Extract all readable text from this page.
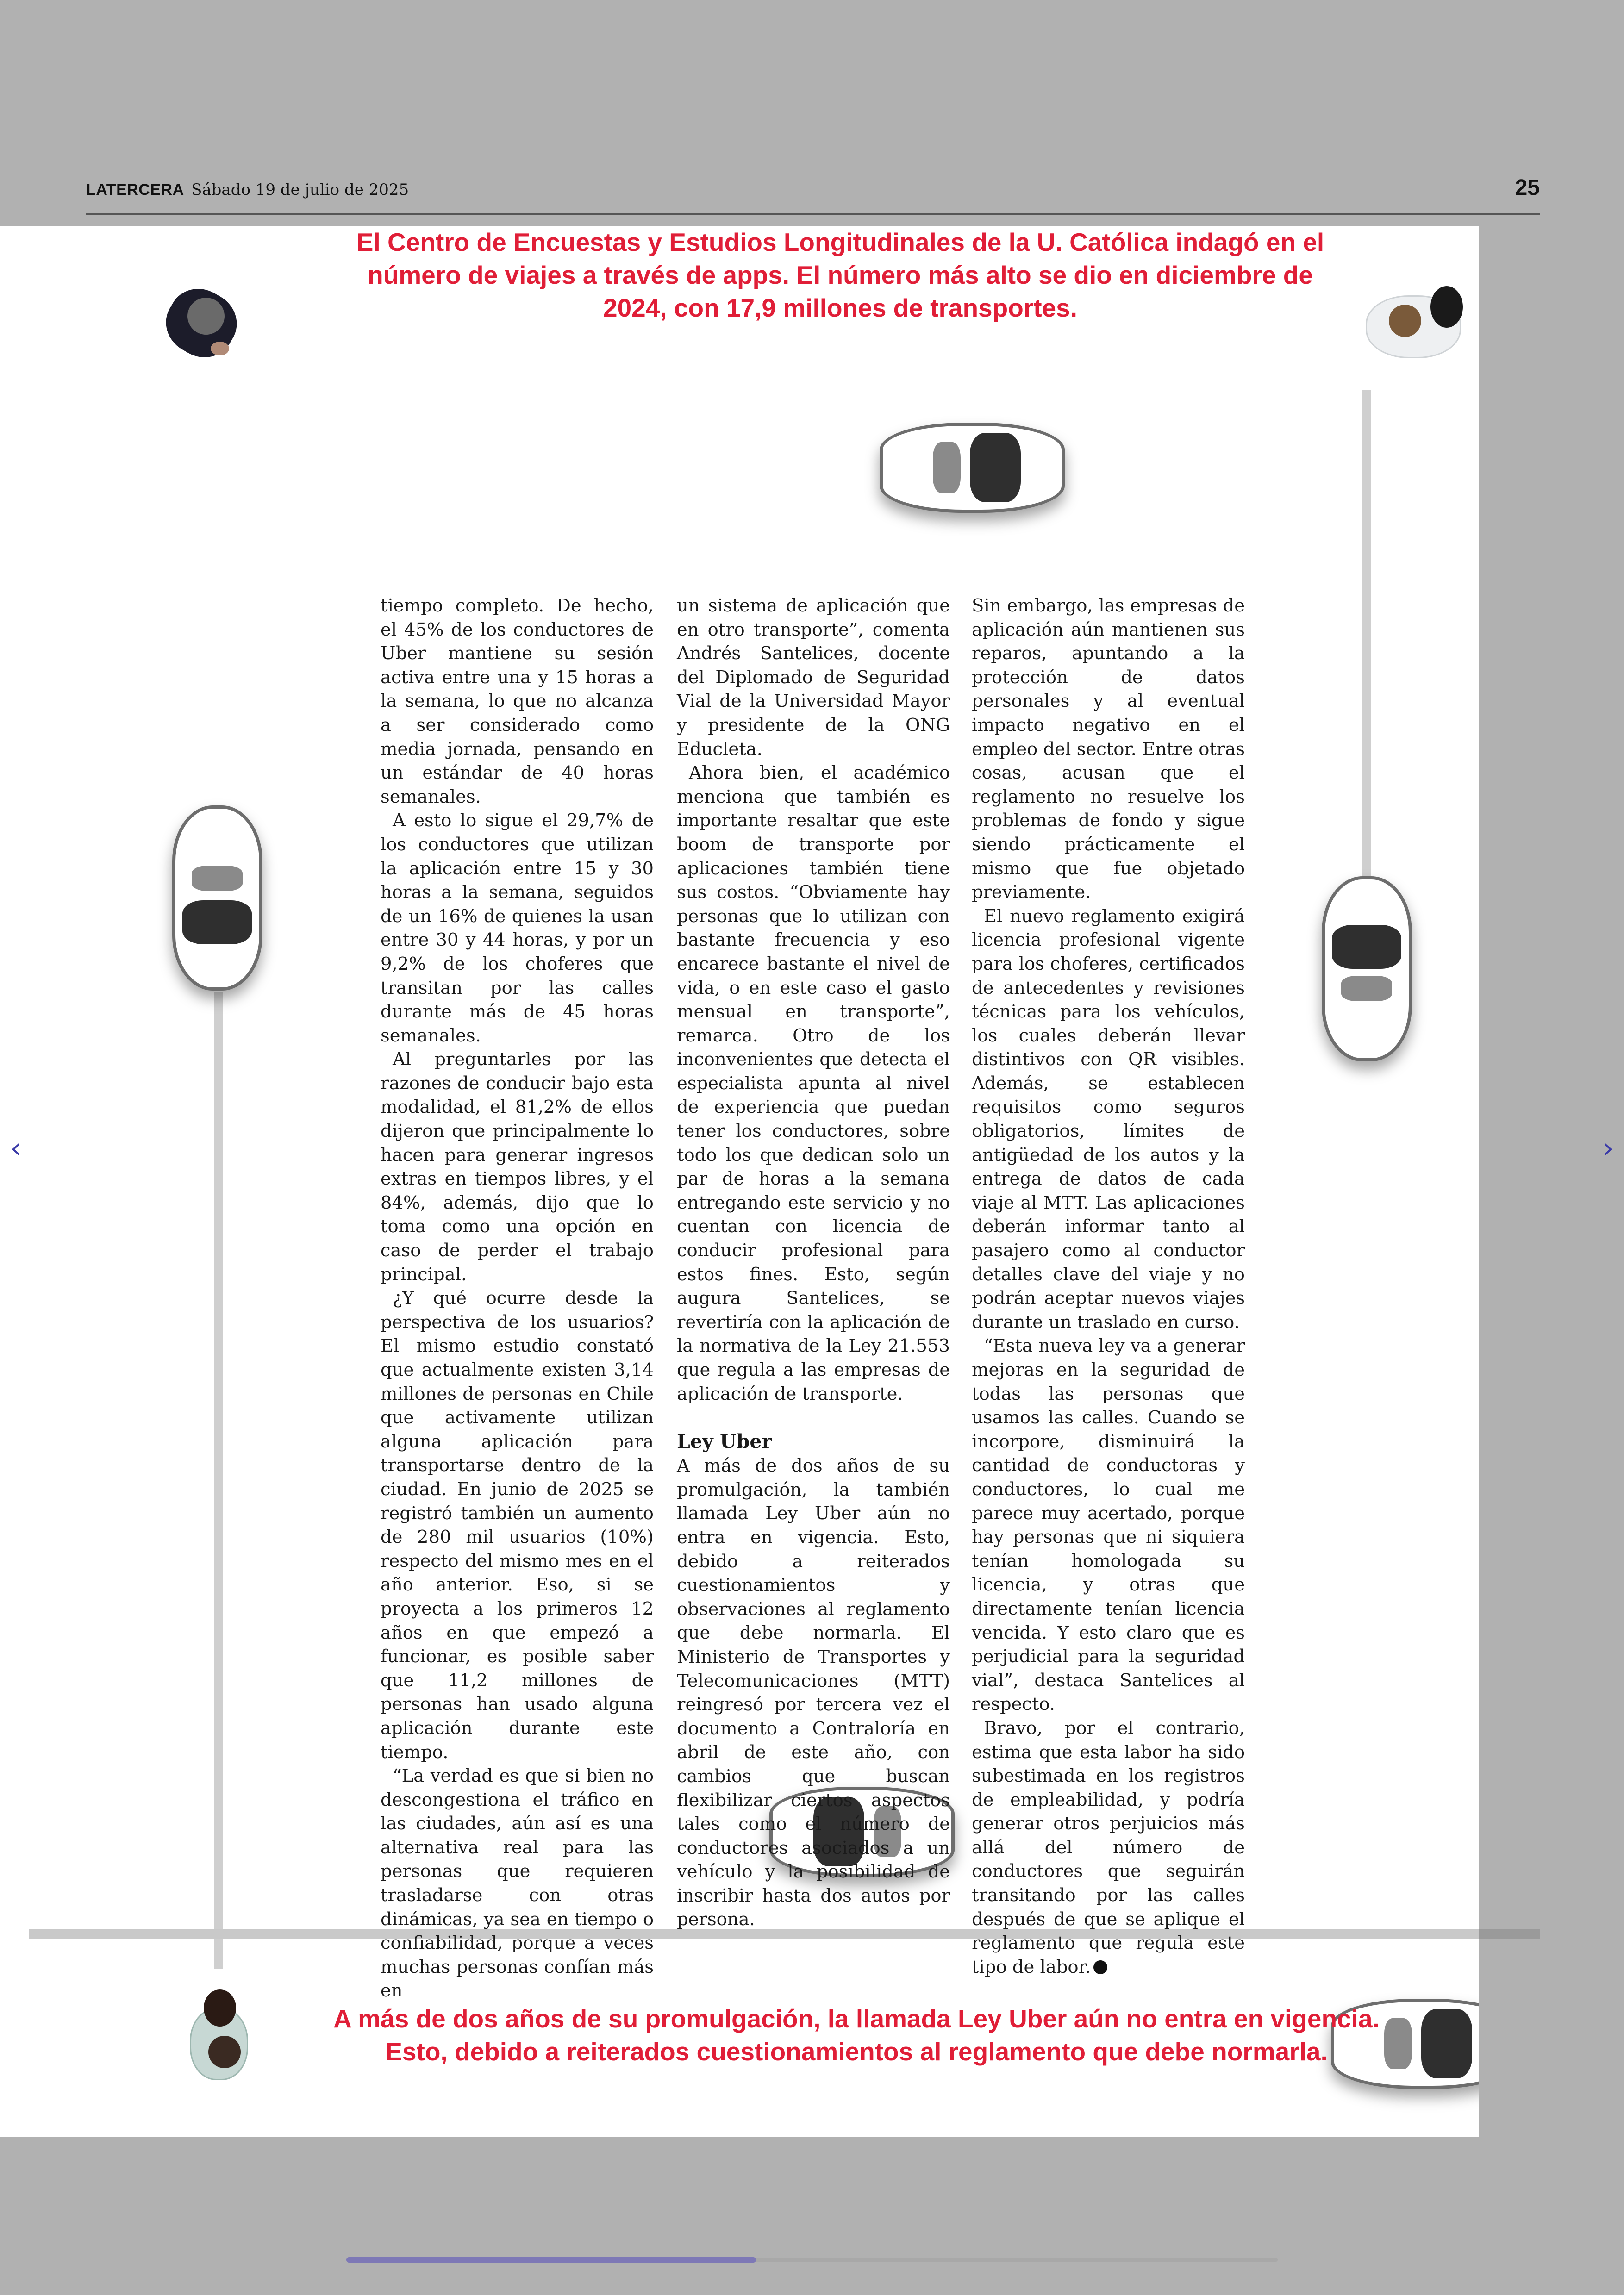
LATERCERA Sábado 19 de julio de 2025	25

El Centro de Encuestas y Estudios Longitudinales de la U. Católica indagó en el número de viajes a través de apps. El número más alto se dio en diciembre de 2024, con 17,9 millones de transportes.

tiempo completo. De hecho, el 45% de los conductores de Uber mantiene su sesión activa entre una y 15 horas a la semana, lo que no alcanza a ser considerado como media jornada, pensando en un estándar de 40 horas semanales.

A esto lo sigue el 29,7% de los conductores que utilizan la aplicación entre 15 y 30 horas a la semana, seguidos de un 16% de quienes la usan entre 30 y 44 horas, y por un 9,2% de los choferes que transitan por las calles durante más de 45 horas semanales.

Al preguntarles por las razones de conducir bajo esta modalidad, el 81,2% de ellos dijeron que principalmente lo hacen para generar ingresos extras en tiempos libres, y el 84%, además, dijo que lo toma como una opción en caso de perder el trabajo principal.

¿Y qué ocurre desde la perspectiva de los usuarios? El mismo estudio constató que actualmente existen 3,14 millones de personas en Chile que activamente utilizan alguna aplicación para transportarse dentro de la ciudad. En junio de 2025 se registró también un aumento de 280 mil usuarios (10%) respecto del mismo mes en el año anterior. Eso, si se proyecta a los primeros 12 años en que empezó a funcionar, es posible saber que 11,2 millones de personas han usado alguna aplicación durante este tiempo.

“La verdad es que si bien no descongestiona el tráfico en las ciudades, aún así es una alternativa real para las personas que requieren trasladarse con otras dinámicas, ya sea en tiempo o confiabilidad, porque a veces muchas personas confían más en

un sistema de aplicación que en otro transporte”, comenta Andrés Santelices, docente del Diplomado de Seguridad Vial de la Universidad Mayor y presidente de la ONG Educleta.

Ahora bien, el académico menciona que también es importante resaltar que este boom de transporte por aplicaciones también tiene sus costos. “Obviamente hay personas que lo utilizan con bastante frecuencia y eso encarece bastante el nivel de vida, o en este caso el gasto mensual en transporte”, remarca. Otro de los inconvenientes que detecta el especialista apunta al nivel de experiencia que puedan tener los conductores, sobre todo los que dedican solo un par de horas a la semana entregando este servicio y no cuentan con licencia de conducir profesional para estos fines. Esto, según augura Santelices, se revertiría con la aplicación de la normativa de la Ley 21.553 que regula a las empresas de aplicación de transporte.

Ley Uber

A más de dos años de su promulgación, la también llamada Ley Uber aún no entra en vigencia. Esto, debido a reiterados cuestionamientos y observaciones al reglamento que debe normarla. El Ministerio de Transportes y Telecomunicaciones (MTT) reingresó por tercera vez el documento a Contraloría en abril de este año, con cambios que buscan flexibilizar ciertos aspectos tales como el número de conductores asociados a un vehículo y la posibilidad de inscribir hasta dos autos por persona.

Sin embargo, las empresas de aplicación aún mantienen sus reparos, apuntando a la protección de datos personales y al eventual impacto negativo en el empleo del sector. Entre otras cosas, acusan que el reglamento no resuelve los problemas de fondo y sigue siendo prácticamente el mismo que fue objetado previamente.

El nuevo reglamento exigirá licencia profesional vigente para los choferes, certificados de antecedentes y revisiones técnicas para los vehículos, los cuales deberán llevar distintivos con QR visibles. Además, se establecen requisitos como seguros obligatorios, límites de antigüedad de los autos y la entrega de datos de cada viaje al MTT. Las aplicaciones deberán informar tanto al pasajero como al conductor detalles clave del viaje y no podrán aceptar nuevos viajes durante un traslado en curso.

“Esta nueva ley va a generar mejoras en la seguridad de todas las personas que usamos las calles. Cuando se incorpore, disminuirá la cantidad de conductoras y conductores, lo cual me parece muy acertado, porque hay personas que ni siquiera tenían homologada su licencia, y otras que directamente tenían licencia vencida. Y esto claro que es perjudicial para la seguridad vial”, destaca Santelices al respecto.

Bravo, por el contrario, estima que esta labor ha sido subestimada en los registros de empleabilidad, y podría generar otros perjuicios más allá del número de conductores que seguirán transitando por las calles después de que se aplique el reglamento que regula este tipo de labor.

A más de dos años de su promulgación, la llamada Ley Uber aún no entra en vigencia. Esto, debido a reiterados cuestionamientos al reglamento que debe normarla.

‹	›
